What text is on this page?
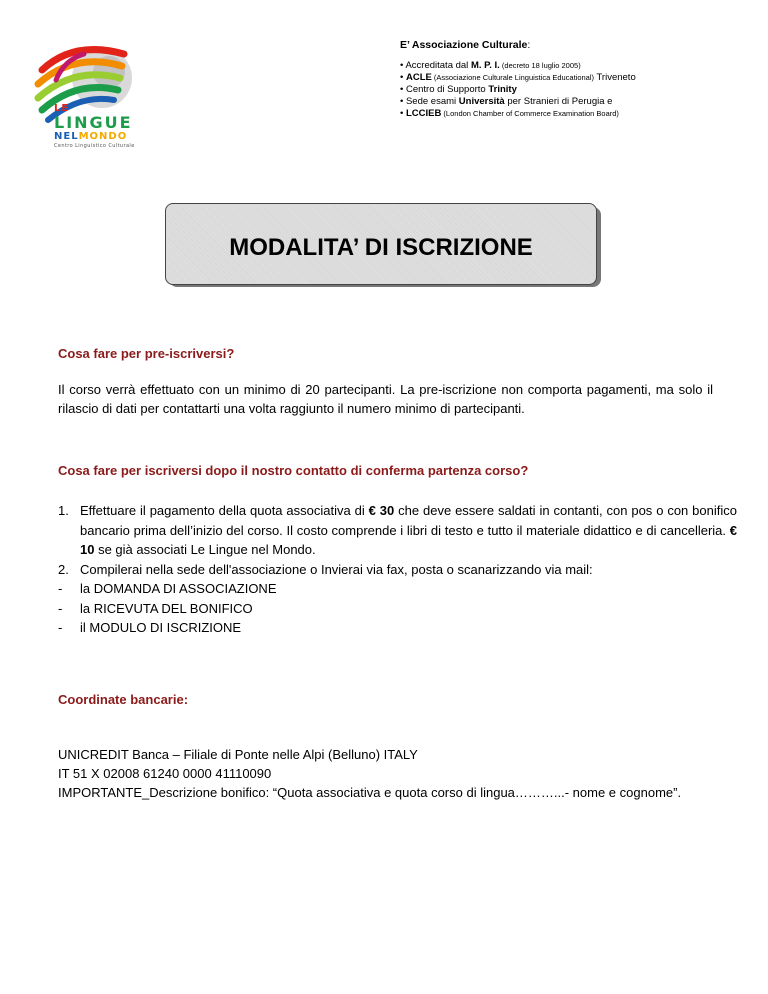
LE
LINGUE
NELMONDO
Centro Linguistico Culturale
E’ Associazione Culturale:
• Accreditata dal M. P. I. (decreto 18 luglio 2005)
• ACLE (Associazione Culturale Linguistica Educational) Triveneto
• Centro di Supporto Trinity
• Sede esami Università per Stranieri di Perugia e
• LCCIEB (London Chamber of Commerce Examination Board)
MODALITA’ DI ISCRIZIONE
Cosa fare per pre-iscriversi?
Il corso verrà effettuato con un minimo di 20 partecipanti. La pre-iscrizione non comporta pagamenti, ma solo il rilascio di dati per contattarti una volta raggiunto il numero minimo di partecipanti.
Cosa fare per iscriversi dopo il nostro contatto di conferma partenza corso?
1. Effettuare il pagamento della quota associativa di € 30 che deve essere saldati in contanti, con pos o con bonifico bancario prima dell’inizio del corso. Il costo comprende i libri di testo e tutto il materiale didattico e di cancelleria. € 10 se già associati Le Lingue nel Mondo.
2. Compilerai nella sede dell'associazione o Invierai via fax, posta o scanarizzando via mail:
-	la DOMANDA DI ASSOCIAZIONE
-	la RICEVUTA DEL BONIFICO
-	il MODULO DI ISCRIZIONE
Coordinate bancarie:
UNICREDIT Banca – Filiale di Ponte nelle Alpi (Belluno) ITALY
IT 51 X 02008 61240 0000 41110090
IMPORTANTE_Descrizione bonifico: “Quota associativa e quota corso di lingua………...- nome e cognome”.
